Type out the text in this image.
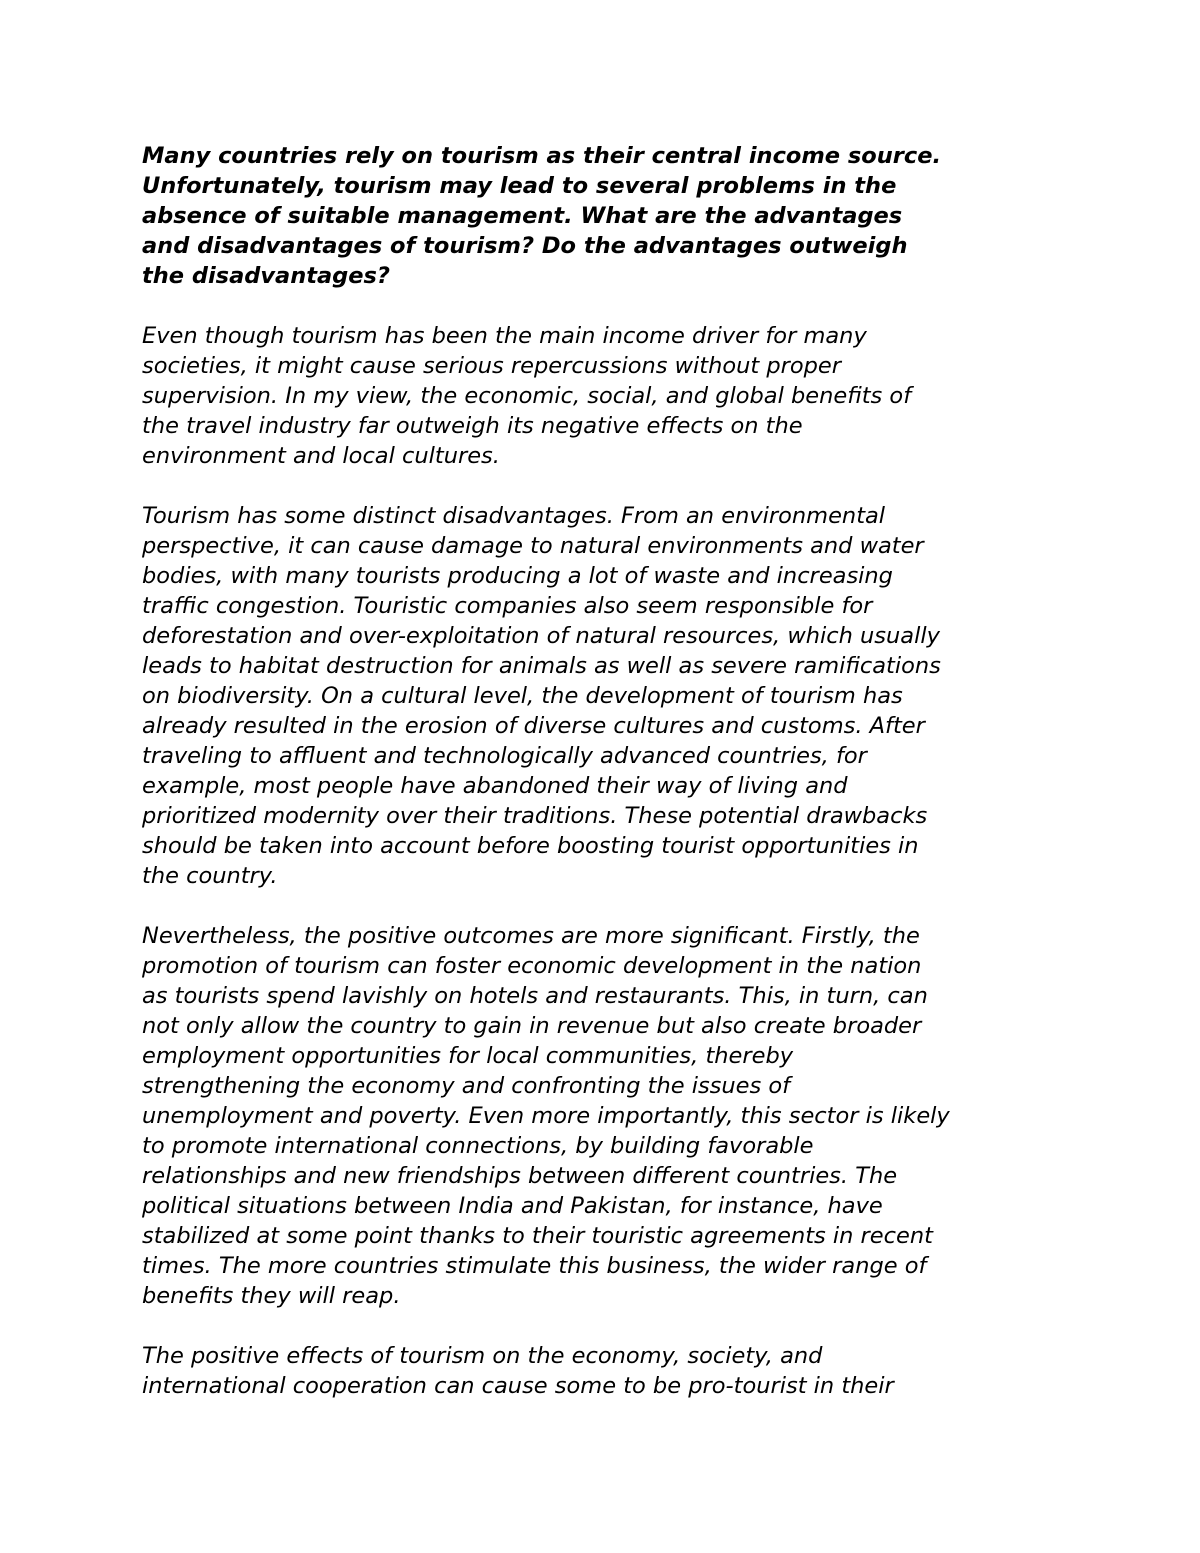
Many countries rely on tourism as their central income source.
Unfortunately, tourism may lead to several problems in the
absence of suitable management. What are the advantages
and disadvantages of tourism? Do the advantages outweigh
the disadvantages?

Even though tourism has been the main income driver for many
societies, it might cause serious repercussions without proper
supervision. In my view, the economic, social, and global benefits of
the travel industry far outweigh its negative effects on the
environment and local cultures.

Tourism has some distinct disadvantages. From an environmental
perspective, it can cause damage to natural environments and water
bodies, with many tourists producing a lot of waste and increasing
traffic congestion. Touristic companies also seem responsible for
deforestation and over-exploitation of natural resources, which usually
leads to habitat destruction for animals as well as severe ramifications
on biodiversity. On a cultural level, the development of tourism has
already resulted in the erosion of diverse cultures and customs. After
traveling to affluent and technologically advanced countries, for
example, most people have abandoned their way of living and
prioritized modernity over their traditions. These potential drawbacks
should be taken into account before boosting tourist opportunities in
the country.

Nevertheless, the positive outcomes are more significant. Firstly, the
promotion of tourism can foster economic development in the nation
as tourists spend lavishly on hotels and restaurants. This, in turn, can
not only allow the country to gain in revenue but also create broader
employment opportunities for local communities, thereby
strengthening the economy and confronting the issues of
unemployment and poverty. Even more importantly, this sector is likely
to promote international connections, by building favorable
relationships and new friendships between different countries. The
political situations between India and Pakistan, for instance, have
stabilized at some point thanks to their touristic agreements in recent
times. The more countries stimulate this business, the wider range of
benefits they will reap.

The positive effects of tourism on the economy, society, and
international cooperation can cause some to be pro-tourist in their
